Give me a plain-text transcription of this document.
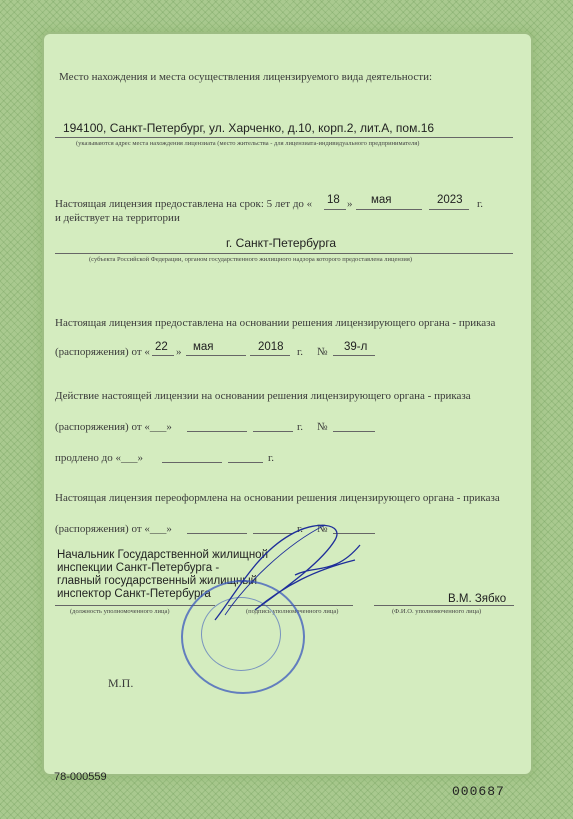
Место нахождения и места осуществления лицензируемого вида деятельности:
194100, Санкт-Петербург, ул. Харченко, д.10, корп.2, лит.А, пом.16
(указываются адрес места нахождения лицензиата (место жительства - для лицензиата-индивидуального предпринимателя)
Настоящая лицензия предоставлена на срок: 5 лет до « 18 » мая	2023 г.
и действует на территории
г. Санкт-Петербурга
(субъекта Российской Федерации, органом государственного жилищного надзора которого предоставлена лицензия)
Настоящая лицензия предоставлена на основании решения лицензирующего органа - приказа
(распоряжения) от « 22 » мая	2018 г. № 39-л
Действие настоящей лицензии на основании решения лицензирующего органа - приказа
(распоряжения) от «___»	г. №
продлено до «___»	г.
Настоящая лицензия переоформлена на основании решения лицензирующего органа - приказа
(распоряжения) от «___»	г. №
Начальник Государственной жилищной
инспекции Санкт-Петербурга -
главный государственный жилищный
инспектор Санкт-Петербурга
(должность уполномоченного лица)	(подпись уполномоченного лица)
В.М. Зябко
(Ф.И.О. уполномоченного лица)
М.П.
78-000559
000687
